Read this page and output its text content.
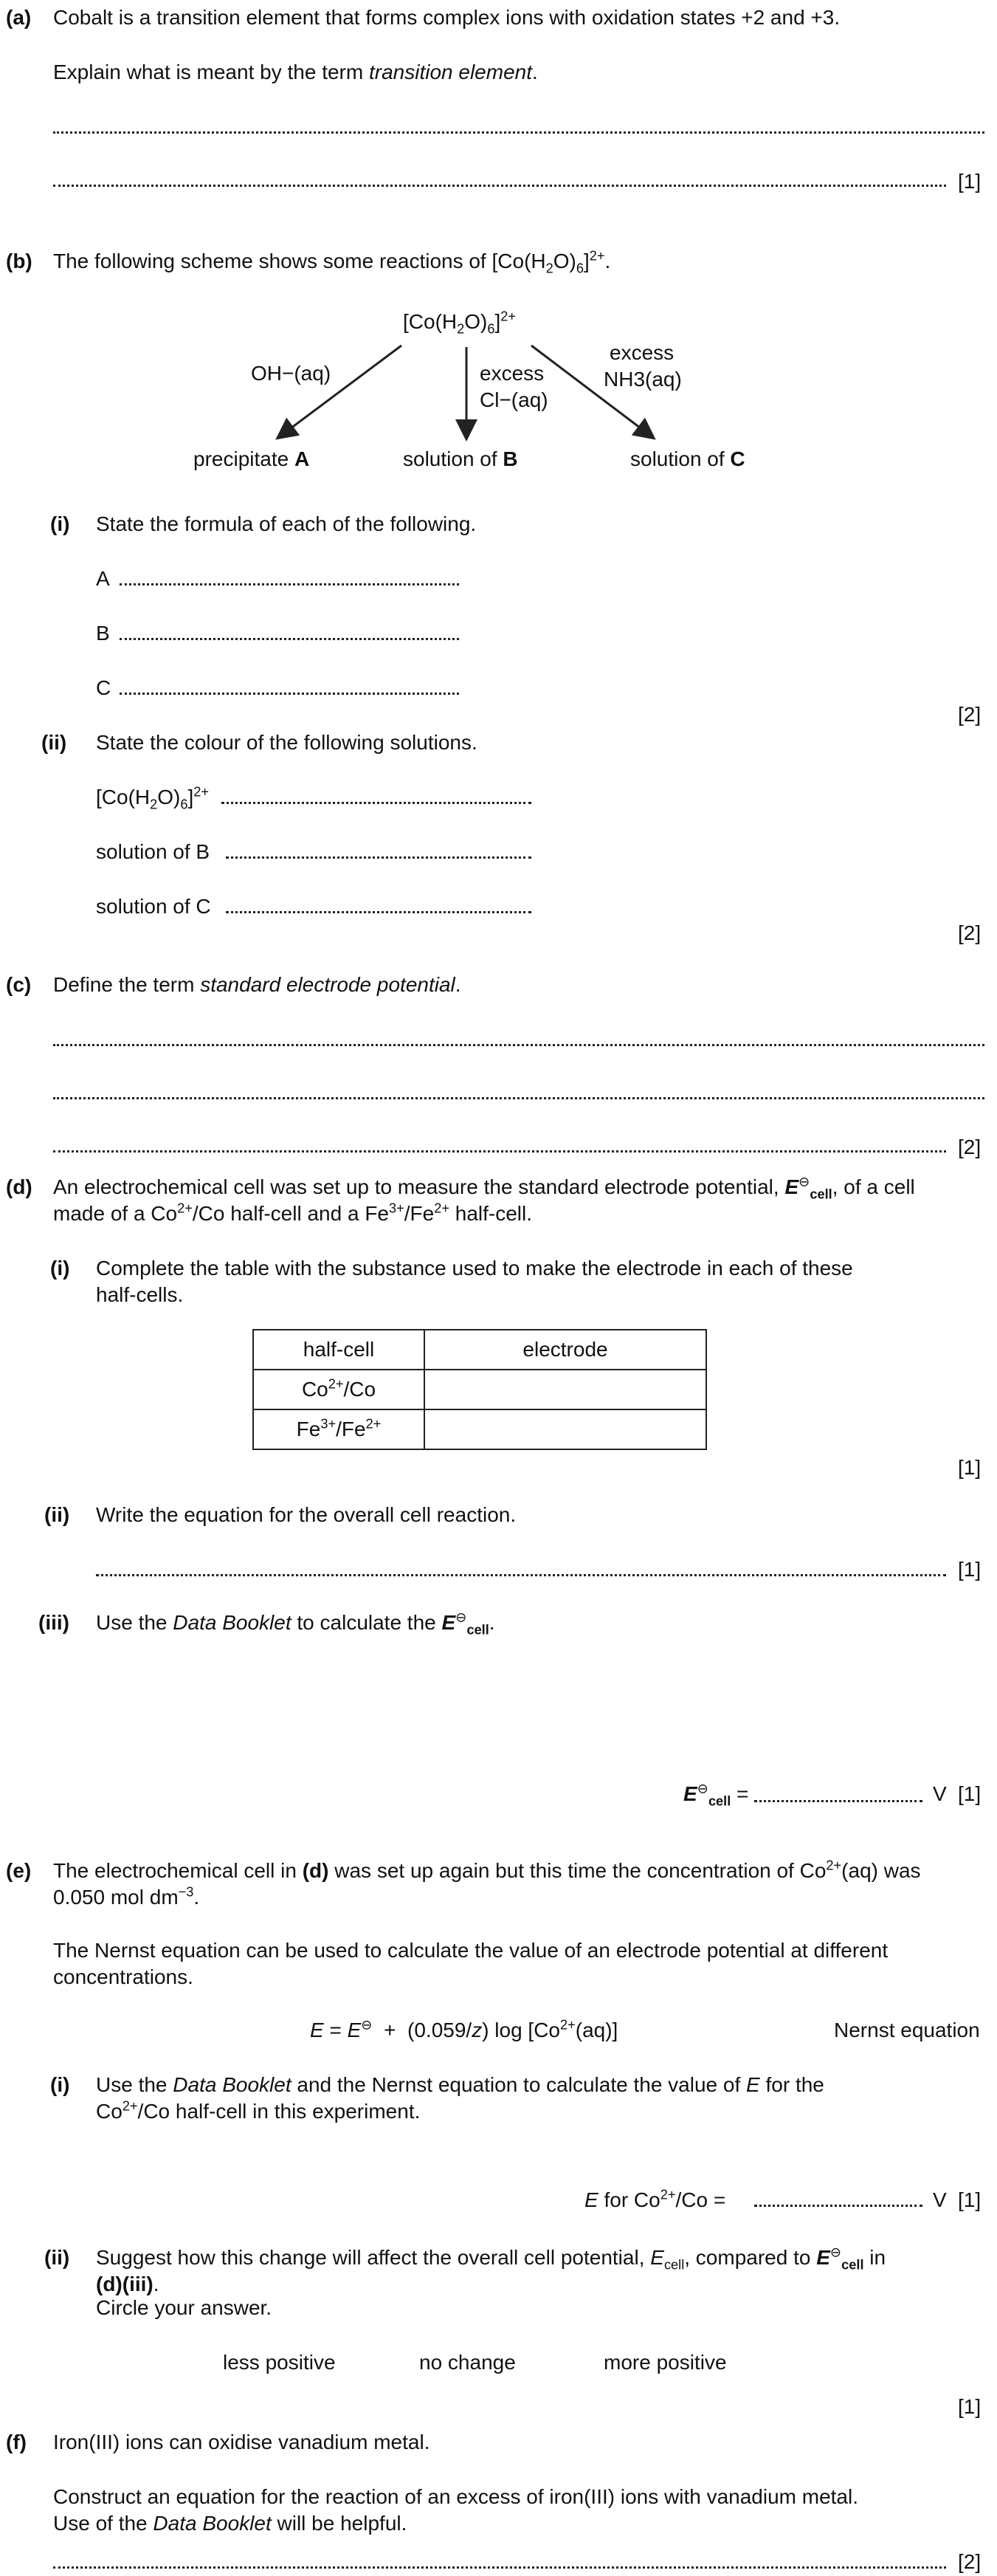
(a) Cobalt is a transition element that forms complex ions with oxidation states +2 and +3.
Explain what is meant by the term transition element.
[1]
(b) The following scheme shows some reactions of $[Co(H_2O)_6]^{2+}$.
$[Co(H_2O)_6]^{2+}$
OH−(aq)	excess
Cl−(aq)
excess
NH3(aq)
precipitate A	solution of B	solution of C
(i) State the formula of each of the following.
A
B
C
[2]
(ii) State the colour of the following solutions.
$[Co(H_2O)_6]^{2+}$
solution of B
solution of C
[2]
(c) Define the term standard electrode potential.
[2]
(d) An electrochemical cell was set up to measure the standard electrode potential, $E^⊖_{cell}$, of a cell
made of a $Co^{2+}/Co$ half-cell and a $Fe^{3+}/Fe^{2+}$ half-cell.
(i) Complete the table with the substance used to make the electrode in each of these
half-cells.
half-cell	electrode
$Co^{2+}/Co$	
$Fe^{3+}/Fe^{2+}$	
[1]
(ii) Write the equation for the overall cell reaction.
[1]
(iii) Use the Data Booklet to calculate the $E^⊖_{cell}$.
$E^⊖_{cell}$ =	V [1]
(e) The electrochemical cell in (d) was set up again but this time the concentration of $Co^{2+}(aq)$ was
0.050 mol $dm^{-3}$.
The Nernst equation can be used to calculate the value of an electrode potential at different
concentrations.
E = E⊖  +  (0.059/z) $\log [Co^{2+}(aq)]$	Nernst equation
(i) Use the Data Booklet and the Nernst equation to calculate the value of E for the
$Co^{2+}/Co$ half-cell in this experiment.
E for $Co^{2+}/Co$ =	V [1]
(ii) Suggest how this change will affect the overall cell potential, $E_{cell}$, compared to $E^⊖_{cell}$ in
(d)(iii).
Circle your answer.
less positive	no change	more positive
[1]
(f) Iron(III) ions can oxidise vanadium metal.
Construct an equation for the reaction of an excess of iron(III) ions with vanadium metal.
Use of the Data Booklet will be helpful.
[2]
